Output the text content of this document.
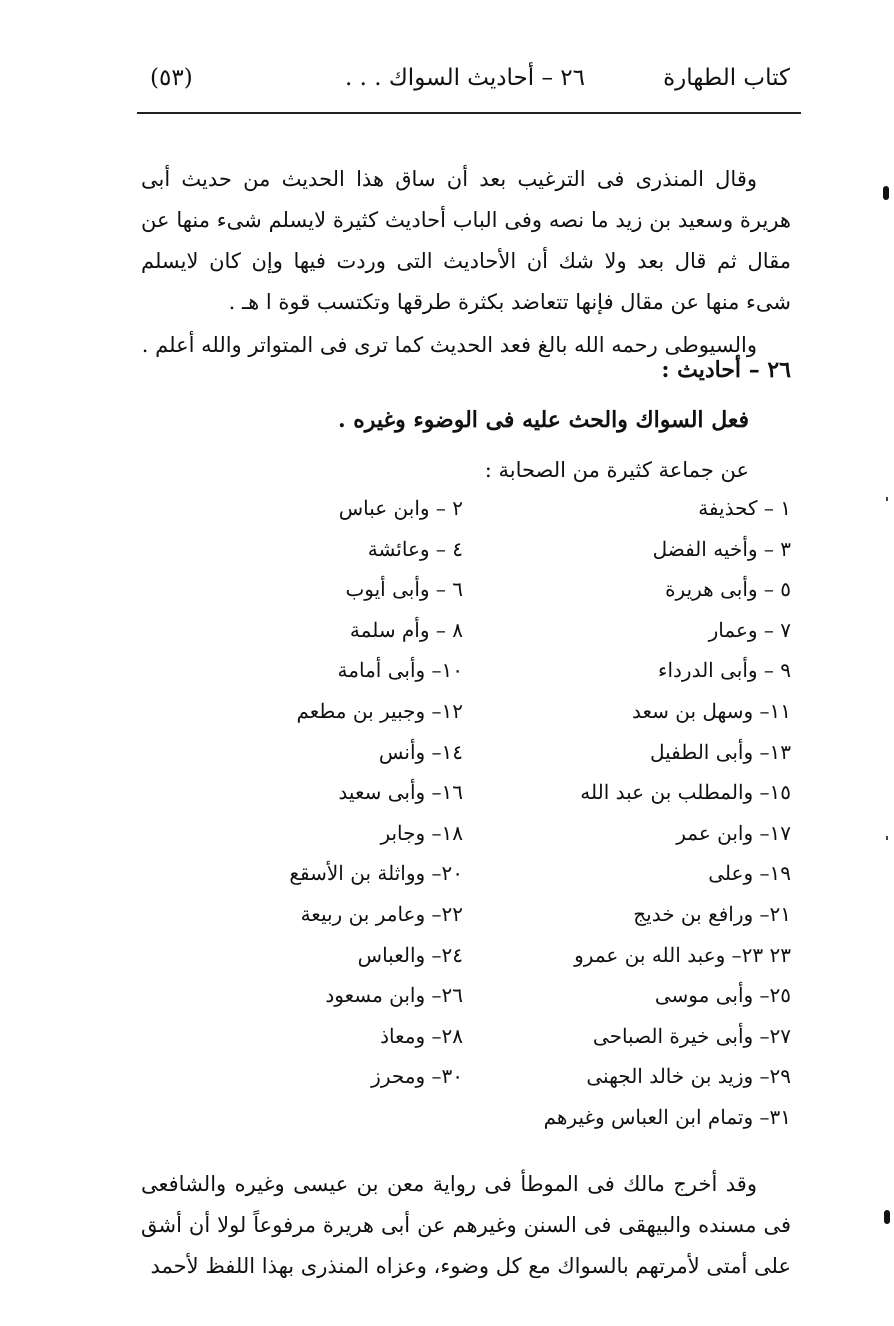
كتاب الطهارة
٢٦ – أحاديث السواك . . .
(٥٣)

وقال المنذرى فى الترغيب بعد أن ساق هذا الحديث من حديث أبى هريرة وسعيد بن زيد ما نصه وفى الباب أحاديث كثيرة لايسلم شىء منها عن مقال ثم قال بعد ولا شك أن الأحاديث التى وردت فيها وإن كان لايسلم شىء منها عن مقال فإنها تتعاضد بكثرة طرقها وتكتسب قوة ا هـ .

والسيوطى رحمه الله بالغ فعد الحديث كما ترى فى المتواتر والله أعلم .

٢٦ – أحاديث :
فعل السواك والحث عليه فى الوضوء وغيره .
عن جماعة كثيرة من الصحابة :
١ – كحذيفة
٢ – وابن عباس
٣ – وأخيه الفضل
٤ – وعائشة
٥ – وأبى هريرة
٦ – وأبى أيوب
٧ – وعمار
٨ – وأم سلمة
٩ – وأبى الدرداء
١٠– وأبى أمامة
١١– وسهل بن سعد
١٢– وجبير بن مطعم
١٣– وأبى الطفيل
١٤– وأنس
١٥– والمطلب بن عبد الله
١٦– وأبى سعيد
١٧– وابن عمر
١٨– وجابر
١٩– وعلى
٢٠– وواثلة بن الأسقع
٢١– ورافع بن خديج
٢٢– وعامر بن ربيعة
٢٣ ٢٣– وعبد الله بن عمرو
٢٤– والعباس
٢٥– وأبى موسى
٢٦– وابن مسعود
٢٧– وأبى خيرة الصباحى
٢٨– ومعاذ
٢٩– وزيد بن خالد الجهنى
٣٠– ومحرز
٣١– وتمام ابن العباس وغيرهم

وقد أخرج مالك فى الموطأ فى رواية معن بن عيسى وغيره والشافعى فى مسنده والبيهقى فى السنن وغيرهم عن أبى هريرة مرفوعاً لولا أن أشق على أمتى لأمرتهم بالسواك مع كل وضوء، وعزاه المنذرى بهذا اللفظ لأحمد
